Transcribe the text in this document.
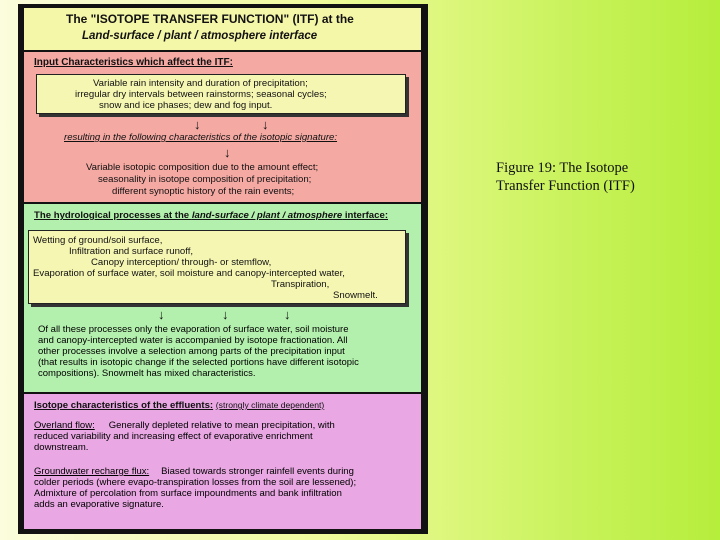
The "ISOTOPE TRANSFER FUNCTION" (ITF) at the

Land-surface / plant / atmosphere interface

Input Characteristics which affect the ITF:

Variable rain intensity and duration of precipitation;
irregular dry intervals between rainstorms; seasonal cycles;
snow and ice phases; dew and fog input.
↓	↓

resulting in the following characteristics of the isotopic signature:

↓

Variable isotopic composition due to the amount effect;

seasonality in isotope composition of precipitation;

different synoptic history of the rain events;

The hydrological processes at the land-surface / plant / atmosphere interface:

Wetting of ground/soil surface,
Infiltration and surface runoff,
Canopy interception/ through- or stemflow,
Evaporation of surface water, soil moisture and canopy-intercepted water,
Transpiration,
Snowmelt.
↓	↓	↓
Of all these processes only the evaporation of surface water, soil moisture
and canopy-intercepted water is accompanied by isotope fractionation. All
other processes involve a selection among parts of the precipitation input
(that results in isotopic change if the selected portions have different isotopic
compositions). Snowmelt has mixed characteristics.

Isotope characteristics of the effluents: (strongly climate dependent)

Overland flow: Generally depleted relative to mean precipitation, with
reduced variability and increasing effect of evaporative enrichment
downstream.
Groundwater recharge flux: Biased towards stronger rainfell events during
colder periods (where evapo-transpiration losses from the soil are lessened);
Admixture of percolation from surface impoundments and bank infiltration
adds an evaporative signature.
Figure 19: The Isotope
Transfer Function (ITF)
